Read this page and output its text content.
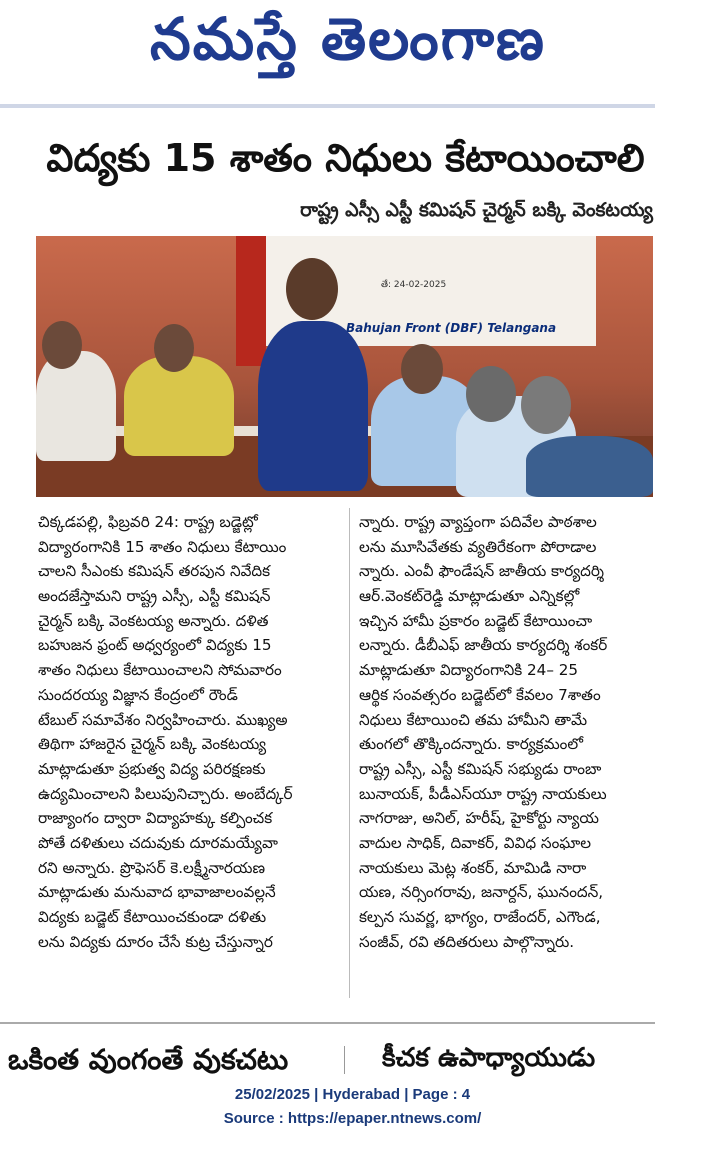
నమస్తే తెలంగాణ
విద్యకు 15 శాతం నిధులు కేటాయించాలి
రాష్ట్ర ఎస్సీ ఎస్టీ కమిషన్ చైర్మన్ బక్కి వెంకటయ్య
తే: 24-02-2025
Bahujan Front (DBF) Telangana
చిక్కడపల్లి, ఫిబ్రవరి 24: రాష్ట్ర బడ్జెట్లో
విద్యారంగానికి 15 శాతం నిధులు కేటాయిం
చాలని సీఎంకు కమిషన్ తరపున నివేదిక
అందజేస్తామని రాష్ట్ర ఎస్సీ, ఎస్టీ కమిషన్
చైర్మన్ బక్కి వెంకటయ్య అన్నారు. దళిత
బహుజన ఫ్రంట్ అధ్వర్యంలో విద్యకు 15
శాతం నిధులు కేటాయించాలని సోమవారం
సుందరయ్య విజ్ఞాన కేంద్రంలో రౌండ్
టేబుల్ సమావేశం నిర్వహించారు. ముఖ్యఅ
తిథిగా హాజరైన చైర్మన్ బక్కి వెంకటయ్య
మాట్లాడుతూ ప్రభుత్వ విద్య పరిరక్షణకు
ఉద్యమించాలని పిలుపునిచ్చారు. అంబేద్కర్
రాజ్యాంగం ద్వారా విద్యాహక్కు కల్పించక
పోతే దళితులు చదువుకు దూరమయ్యేవా
రని అన్నారు. ప్రొఫెసర్ కె.లక్ష్మీనారయణ
మాట్లాడుతు మనువాద భావాజాలంవల్లనే
విద్యకు బడ్జెట్ కేటాయించకుండా దళితు
లను విద్యకు దూరం చేసే కుట్ర చేస్తున్నార
న్నారు. రాష్ట్ర వ్యాప్తంగా పదివేల పాఠశాల
లను మూసివేతకు వ్యతిరేకంగా పోరాడాల
న్నారు. ఎంవీ ఫౌండేషన్ జాతీయ కార్యదర్శి
ఆర్.వెంకట్‌రెడ్డి మాట్లాడుతూ ఎన్నికల్లో
ఇచ్చిన హామీ ప్రకారం బడ్జెట్ కేటాయించా
లన్నారు. డీబీఎఫ్ జాతీయ కార్యదర్శి శంకర్
మాట్లాడుతూ విద్యారంగానికి 24– 25
ఆర్థిక సంవత్సరం బడ్జెట్‌లో కేవలం 7శాతం
నిధులు కేటాయించి తమ హామీని తామే
తుంగలో తొక్కిందన్నారు. కార్యక్రమంలో
రాష్ట్ర ఎస్సీ, ఎస్టీ కమిషన్ సభ్యుడు రాంబా
బునాయక్, పీడీఎస్‌యూ రాష్ట్ర నాయకులు
నాగరాజు, అనిల్, హరీష్, హైకోర్టు న్యాయ
వాదుల సాధిక్, దివాకర్, వివిధ సంఘాల
నాయకులు మెట్ల శంకర్, మామిడి నారా
యణ, నర్సింగరావు, జనార్దన్, ఘునందన్,
కల్పన సువర్ణ, భాగ్యం, రాజేందర్, ఎగౌండ,
సంజీవ్, రవి తదితరులు పాల్గొన్నారు.
ఒకింత వుంగంతే వుకచటు	కీచక ఉపాధ్యాయుడు
25/02/2025 | Hyderabad | Page : 4
Source : https://epaper.ntnews.com/
